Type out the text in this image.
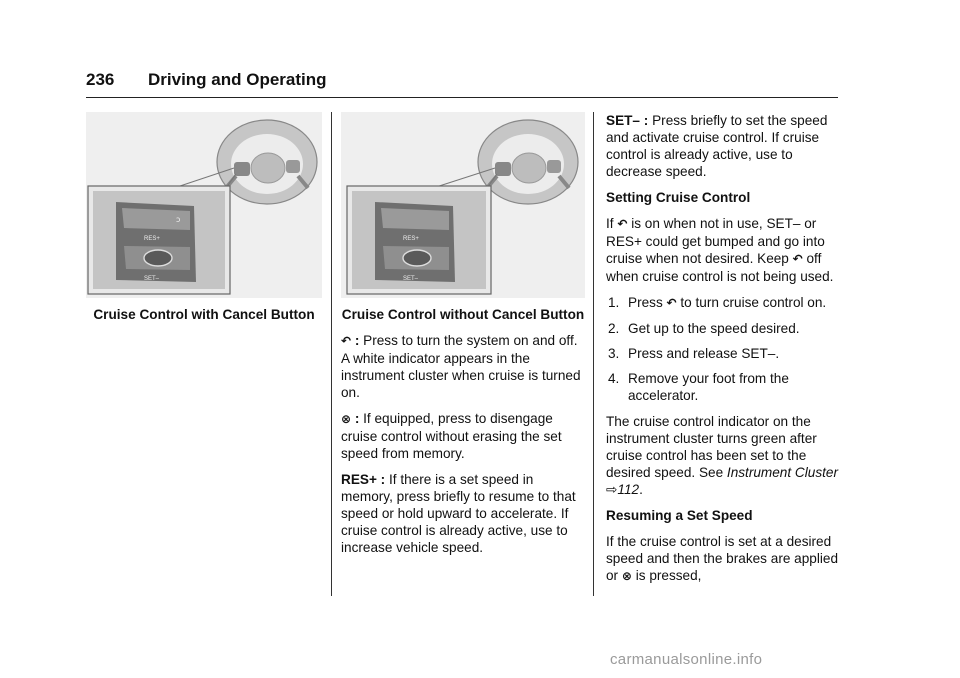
236 Driving and Operating
RES+
SET–
ↄ
Cruise Control with Cancel Button
RES+
SET–
Cruise Control without Cancel Button

↶ : Press to turn the system on and off. A white indicator appears in the instrument cluster when cruise is turned on.

⊗ : If equipped, press to disengage cruise control without erasing the set speed from memory.

RES+ : If there is a set speed in memory, press briefly to resume to that speed or hold upward to accelerate. If cruise control is already active, use to increase vehicle speed.

SET– : Press briefly to set the speed and activate cruise control. If cruise control is already active, use to decrease speed.

Setting Cruise Control

If ↶ is on when not in use, SET– or RES+ could get bumped and go into cruise when not desired. Keep ↶ off when cruise control is not being used.

1. Press ↶ to turn cruise control on.
2. Get up to the speed desired.
3. Press and release SET–.
4. Remove your foot from the accelerator.

The cruise control indicator on the instrument cluster turns green after cruise control has been set to the desired speed. See Instrument Cluster ⇨112.

Resuming a Set Speed

If the cruise control is set at a desired speed and then the brakes are applied or ⊗ is pressed,

carmanualsonline.info
